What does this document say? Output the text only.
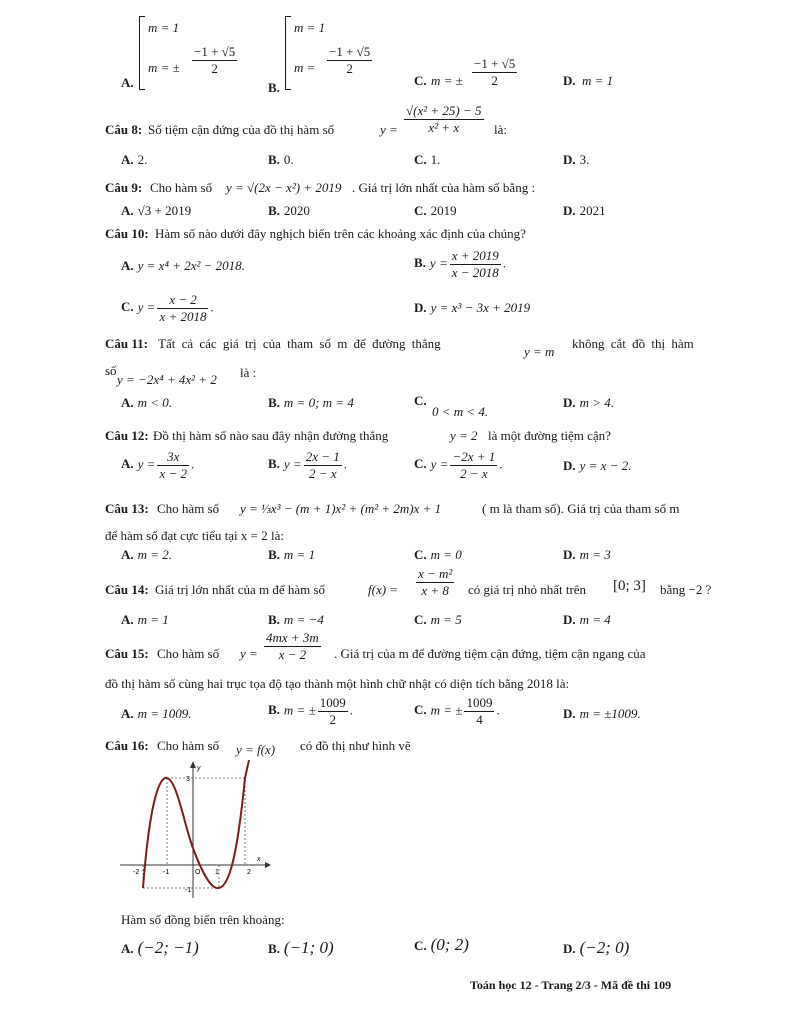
A.
m = 1
m = ± $\frac{-1 + √5}{2}$
B.
m = 1
$m = \frac{-1 + √5}{2}$
C. m = ± $\frac{-1 + √5}{2}$	D. m = 1
Câu 8: Số tiệm cận đứng của đồ thị hàm số	$y = \frac{\text{√(x² + 25) − 5}}{\text{x² + x}}$ là:
A. 2.	B. 0.	C. 1.	D. 3.
Câu 9: Cho hàm số y = √(2x − x²) + 2019 . Giá trị lớn nhất của hàm số bằng :
A. √3 + 2019	B. 2020	C. 2019	D. 2021
Câu 10: Hàm số nào dưới đây nghịch biến trên các khoảng xác định của chúng?
A. y = x⁴ + 2x² − 2018.	B. $y = \frac{x + 2019}{x - 2018}$ .
C. $y = \frac{x - 2}{x + 2018}$ .	D. y = x³ − 3x + 2019
Câu 11: Tất cả các giá trị của tham số m để đường thẳng
y = m
không cắt đồ thị hàm
số
y = −2x⁴ + 4x² + 2 là :
A. m < 0.	B. m = 0; m = 4	C.
0 < m < 4.
D. m > 4.
Câu 12: Đồ thị hàm số nào sau đây nhận đường thẳng	y = 2 là một đường tiệm cận?
A. $y = \frac{3x}{x - 2}$ .	B. $y = \frac{2x - 1}{2 - x}$ .	C. $y = \frac{-2x + 1}{2 - x}$ .	D. y = x − 2.
Câu 13: Cho hàm số y = ⅓x³ − (m + 1)x² + (m² + 2m)x + 1	( m là tham số). Giá trị của tham số m
để hàm số đạt cực tiểu tại x = 2 là:
A. m = 2.	B. m = 1	C. m = 0	D. m = 3
Câu 14: Giá trị lớn nhất của m để hàm số	$f(x) = \frac{\text{x − m²}}{x + 8}$ có giá trị nhỏ nhất trên [0; 3] bằng −2 ?
A. m = 1	B. m = −4	C. m = 5	D. m = 4
Câu 15: Cho hàm số $y = \frac{4mx + 3m}{x - 2}$ . Giá trị của m để đường tiệm cận đứng, tiệm cận ngang của
đồ thị hàm số cùng hai trục tọa độ tạo thành một hình chữ nhật có diện tích bằng 2018 là:
A. m = 1009.	B. m = ± $\frac{1009}{2}$ .	C. m = ± $\frac{1009}{4}$ .	D. m = ±1009.
Câu 16: Cho hàm số y = f(x) có đồ thị như hình vẽ
3
y
x
-2	-1	O 1	2
-1
Hàm số đồng biến trên khoảng:
A. (−2; −1)	B. (−1; 0)	C. (0; 2)	D. (−2; 0)
Toán học 12 - Trang 2/3 - Mã đề thi 109
